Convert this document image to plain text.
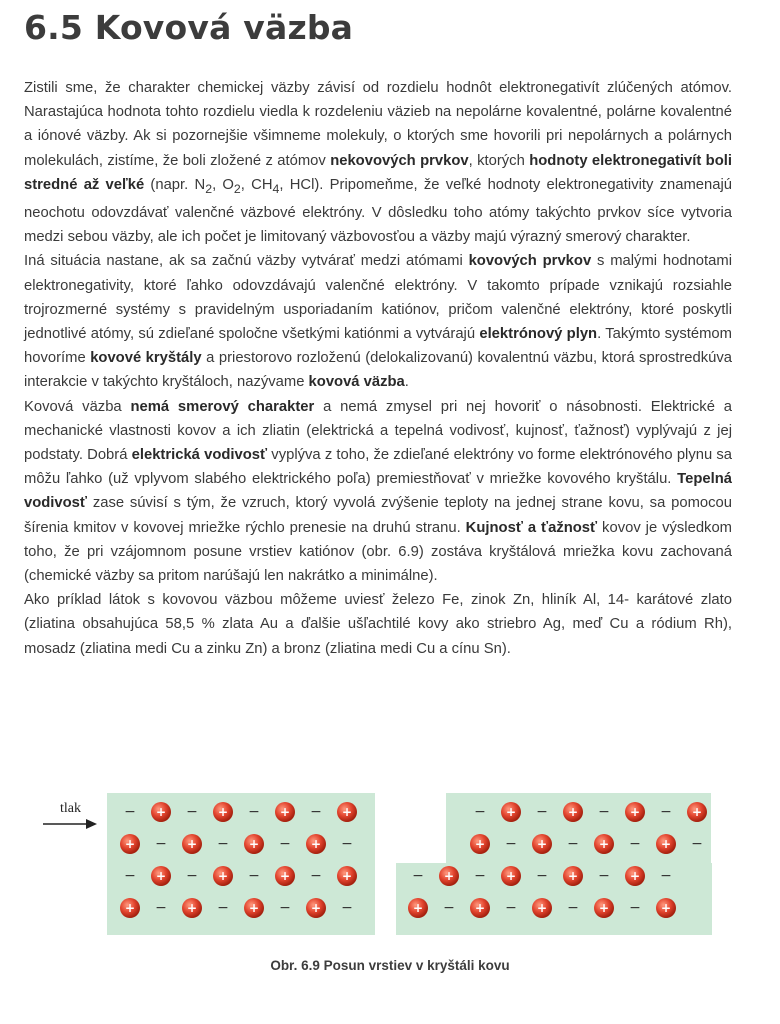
6.5 Kovová väzba

Zistili sme, že charakter chemickej väzby závisí od rozdielu hodnôt elektronegativít zlúčených atómov. Narastajúca hodnota tohto rozdielu viedla k rozdeleniu väzieb na nepolárne kovalentné, polárne kovalentné a iónové väzby. Ak si pozornejšie všimneme molekuly, o ktorých sme hovorili pri nepolárnych a polárnych molekulách, zistíme, že boli zložené z atómov nekovových prvkov, ktorých hodnoty elektronegativít boli stredné až veľké (napr. $N_2$, $O_2$, $CH_4$, HCl). Pripomeňme, že veľké hodnoty elektronegativity znamenajú neochotu odovzdávať valenčné väzbové elektróny. V dôsledku toho atómy takýchto prvkov síce vytvoria medzi sebou väzby, ale ich počet je limitovaný väzbovosťou a väzby majú výrazný smerový charakter.

Iná situácia nastane, ak sa začnú väzby vytvárať medzi atómami kovových prvkov s malými hodnotami elektronegativity, ktoré ľahko odovzdávajú valenčné elektróny. V takomto prípade vznikajú rozsiahle trojrozmerné systémy s pravidelným usporiadaním katiónov, pričom valenčné elektróny, ktoré poskytli jednotlivé atómy, sú zdieľané spoločne všetkými katiónmi a vytvárajú elektrónový plyn. Takýmto systémom hovoríme kovové kryštály a priestorovo rozloženú (delokalizovanú) kovalentnú väzbu, ktorá sprostredkúva interakcie v takýchto kryštáloch, nazývame kovová väzba.

Kovová väzba nemá smerový charakter a nemá zmysel pri nej hovoriť o násobnosti. Elektrické a mechanické vlastnosti kovov a ich zliatin (elektrická a tepelná vodivosť, kujnosť, ťažnosť) vyplývajú z jej podstaty. Dobrá elektrická vodivosť vyplýva z toho, že zdieľané elektróny vo forme elektrónového plynu sa môžu ľahko (už vplyvom slabého elektrického poľa) premiestňovať v mriežke kovového kryštálu. Tepelná vodivosť zase súvisí s tým, že vzruch, ktorý vyvolá zvýšenie teploty na jednej strane kovu, sa pomocou šírenia kmitov v kovovej mriežke rýchlo prenesie na druhú stranu. Kujnosť a ťažnosť kovov je výsledkom toho, že pri vzájomnom posune vrstiev katiónov (obr. 6.9) zostáva kryštálová mriežka kovu zachovaná (chemické väzby sa pritom narúšajú len nakrátko a minimálne).

Ako príklad látok s kovovou väzbou môžeme uviesť železo Fe, zinok Zn, hliník Al, 14- karátové zlato (zliatina obsahujúca 58,5 % zlata Au a ďalšie ušľachtilé kovy ako striebro Ag, meď Cu a ródium Rh), mosadz (zliatina medi Cu a zinku Zn) a bronz (zliatina medi Cu a cínu Sn).

− + − + − + − +
+ − + − + − + −
− + − + − + − +
+ − + − + − + −
− + − + − + − +
+ − + − + − + −
− + − + − + − + −
+ − + − + − + − +
tlak
Obr. 6.9 Posun vrstiev v kryštáli kovu
